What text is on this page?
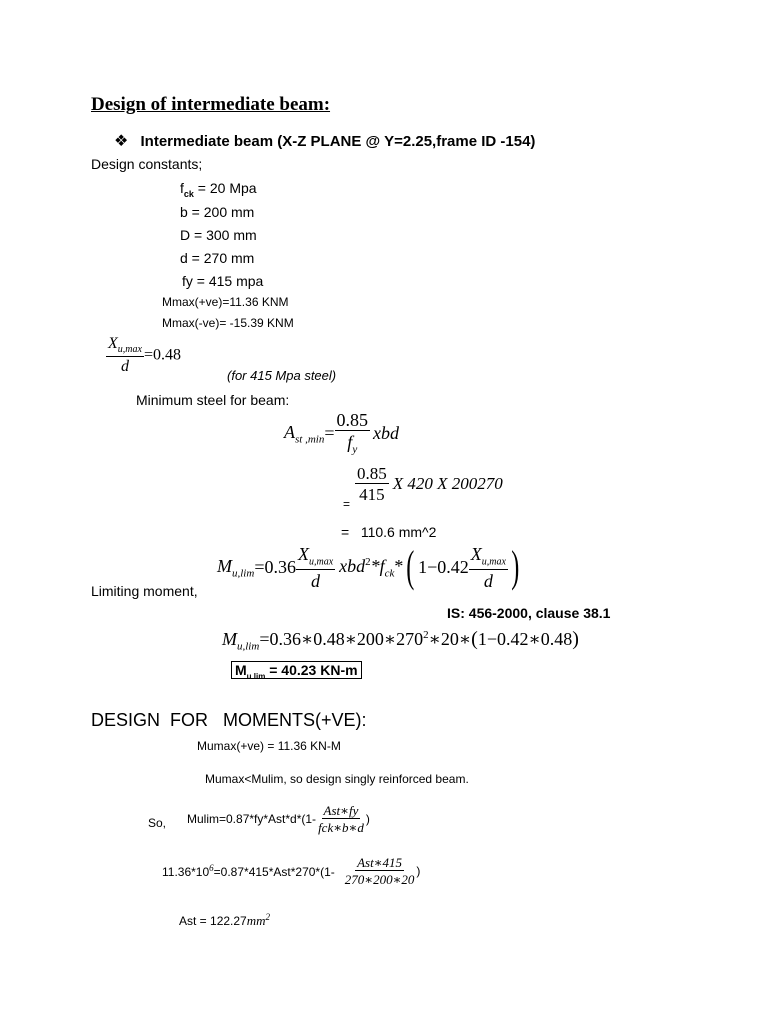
Design of intermediate beam:
❖ Intermediate beam (X-Z PLANE @ Y=2.25,frame ID -154)
Design constants;
$f_{ck} = 20$ Mpa
b = 200 mm
D = 300 mm
d = 270 mm
fy = 415 mpa
Mmax(+ve)=11.36 KNM
Mmax(-ve)= -15.39 KNM
$\frac{X_{u,max}}{d} =0.48$
(for 415 Mpa steel)
Minimum steel for beam:
$A_{st ,min}= \frac{0.85}{f_y}$ xbd
=
$\frac{0.85}{415}$ X 420 X 200270
=   110.6 mm^2
$M_{u,lim}=0.36 \frac{X_{u,max}}{d} xbd^2*f_{ck}*$( $1-0.42 \frac{X_{u,max}}{d}$ )
Limiting moment,
IS: 456-2000, clause 38.1
$M_{u,lim}=0.36∗0.48∗200∗270^2∗20∗(1-0.42∗0.48)$
$M_{u lim} = 40.23$ KN-m
DESIGN  FOR   MOMENTS(+VE):
Mumax(+ve) = 11.36 KN-M
Mumax<Mulim, so design singly reinforced beam.
So, $Mulim=0.87*fy*Ast*d*(1- \frac{\text{Ast∗fy}}{\text{fck∗b∗d}}$ )
$11.36*10^6=0.87*415*Ast*270*(1- \frac{\text{Ast∗415}}{270∗200∗20}$ )
Ast = $122.27mm^2$
